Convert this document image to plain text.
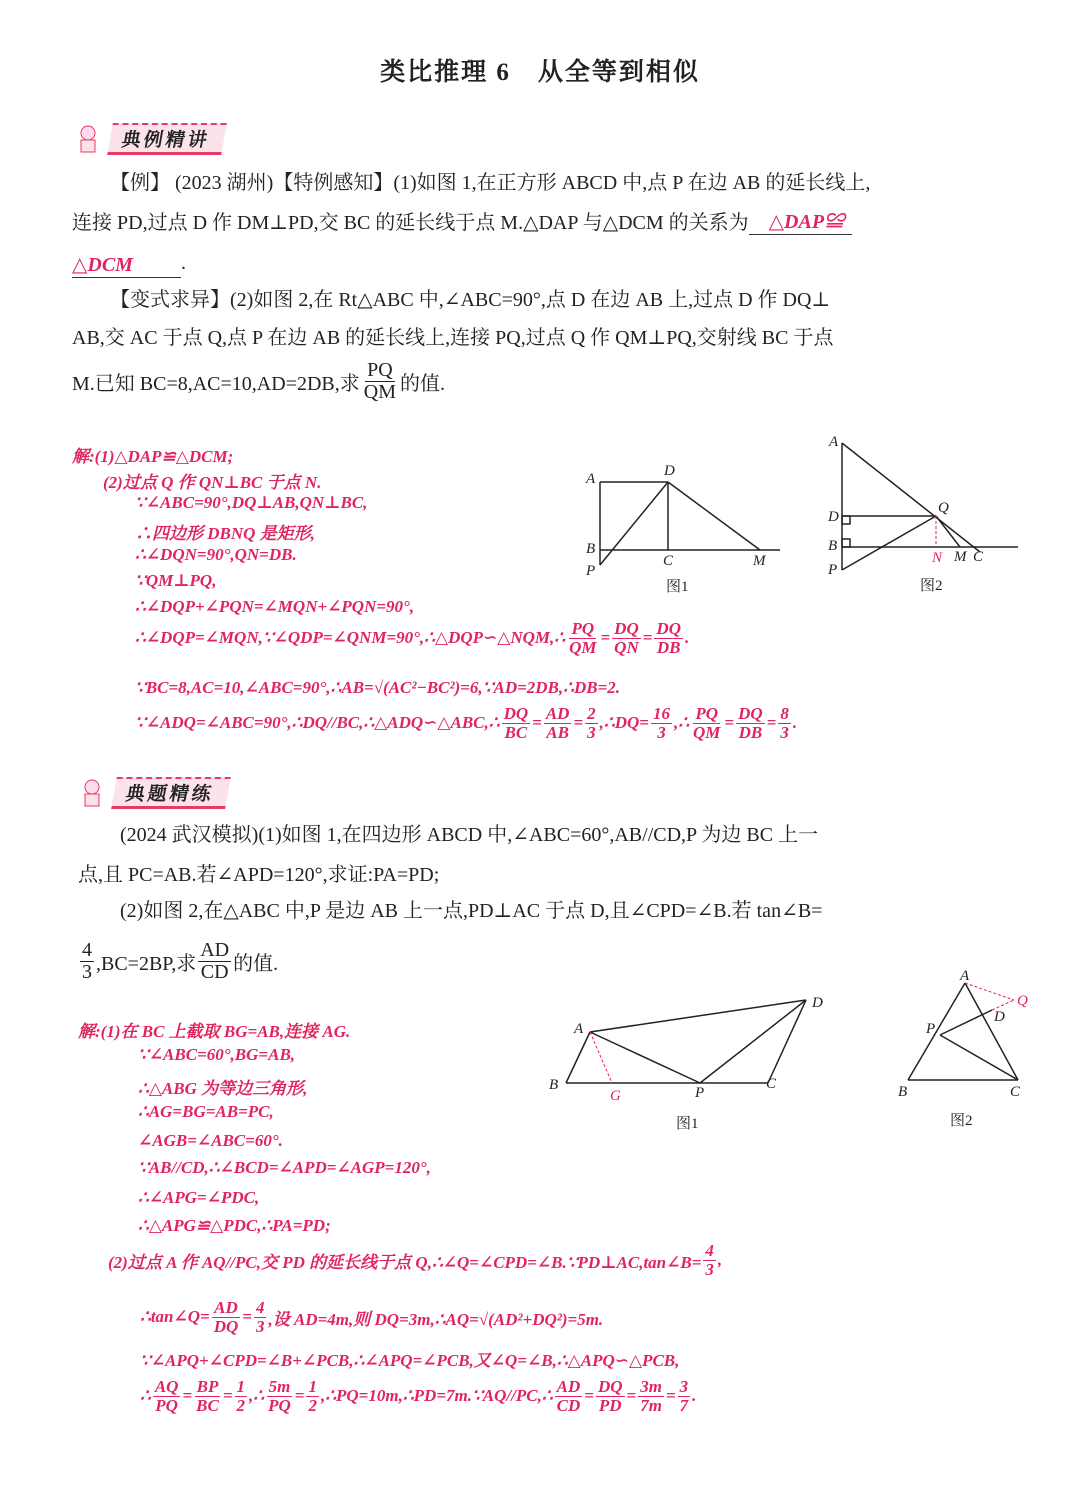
类比推理 6　从全等到相似
典例精讲
【例】 (2023 湖州)【特例感知】(1)如图 1,在正方形 ABCD 中,点 P 在边 AB 的延长线上,
连接 PD,过点 D 作 DM⊥PD,交 BC 的延长线于点 M.△DAP 与△DCM 的关系为 　△DAP≌
△DCM　　 .
【变式求异】(2)如图 2,在 Rt△ABC 中,∠ABC=90°,点 D 在边 AB 上,过点 D 作 DQ⊥
AB,交 AC 于点 Q,点 P 在边 AB 的延长线上,连接 PQ,过点 Q 作 QM⊥PQ,交射线 BC 于点
M.已知 BC=8,AC=10,AD=2DB,求 $\frac{PQ}{QM}$ 的值.
解:(1)△DAP≌△DCM;
(2)过点 Q 作 QN⊥BC 于点 N.
∵∠ABC=90°,DQ⊥AB,QN⊥BC,
∴四边形 DBNQ 是矩形,
∴∠DQN=90°,QN=DB.
∵QM⊥PQ,
∴∠DQP+∠PQN=∠MQN+∠PQN=90°,
∴∠DQP=∠MQN,∵∠QDP=∠QNM=90°,∴△DQP∽△NQM,∴ $\frac{PQ}{QM} = \frac{DQ}{QN} = \frac{DQ}{DB}$ .
∵BC=8,AC=10,∠ABC=90°,∴AB=√(AC²−BC²)=6,∵AD=2DB,∴DB=2.
∵∠ADQ=∠ABC=90°,∴DQ//BC,∴△ADQ∽△ABC,∴ $\frac{DQ}{BC} = \frac{AD}{AB} = \frac{2}{3}$ ,∴DQ= $\frac{16}{3}$ ,∴ $\frac{PQ}{QM} = \frac{DQ}{DB} = \frac{8}{3}$ .
A	D
B
C	M
P
图1
A
Q
D
B
P
N M C
图2
典题精练
(2024 武汉模拟)(1)如图 1,在四边形 ABCD 中,∠ABC=60°,AB//CD,P 为边 BC 上一
点,且 PC=AB.若∠APD=120°,求证:PA=PD;
(2)如图 2,在△ABC 中,P 是边 AB 上一点,PD⊥AC 于点 D,且∠CPD=∠B.若 tan∠B=
$\frac{4}{3} ,BC=2BP$,求 $\frac{AD}{CD}$ 的值.
解:(1)在 BC 上截取 BG=AB,连接 AG.
∵∠ABC=60°,BG=AB,
∴△ABG 为等边三角形,
∴AG=BG=AB=PC,
∠AGB=∠ABC=60°.
∵AB//CD,∴∠BCD=∠APD=∠AGP=120°,
∴∠APG=∠PDC,
∴△APG≌△PDC,∴PA=PD;
(2)过点 A 作 AQ//PC,交 PD 的延长线于点 Q,∴∠Q=∠CPD=∠B.∵PD⊥AC,tan∠B= $\frac{4}{3}$ ,
∴tan∠Q= $\frac{AD}{DQ} = \frac{4}{3}$ ,设 AD=4m,则 DQ=3m,∴AQ=√(AD²+DQ²)=5m.
∵∠APQ+∠CPD=∠B+∠PCB,∴∠APQ=∠PCB,又∠Q=∠B,∴△APQ∽△PCB,
∴ $\frac{AQ}{PQ} = \frac{BP}{BC} = \frac{1}{2}$ ,∴ $\frac{5m}{PQ} = \frac{1}{2}$ ,∴PQ=10m,∴PD=7m.∵AQ//PC,∴ $\frac{AD}{CD} = \frac{DQ}{PD} = \frac{3m}{7m} = \frac{3}{7}$ .
A
D
B
G	P
C
图1
A
Q
P
D
B	C
图2
